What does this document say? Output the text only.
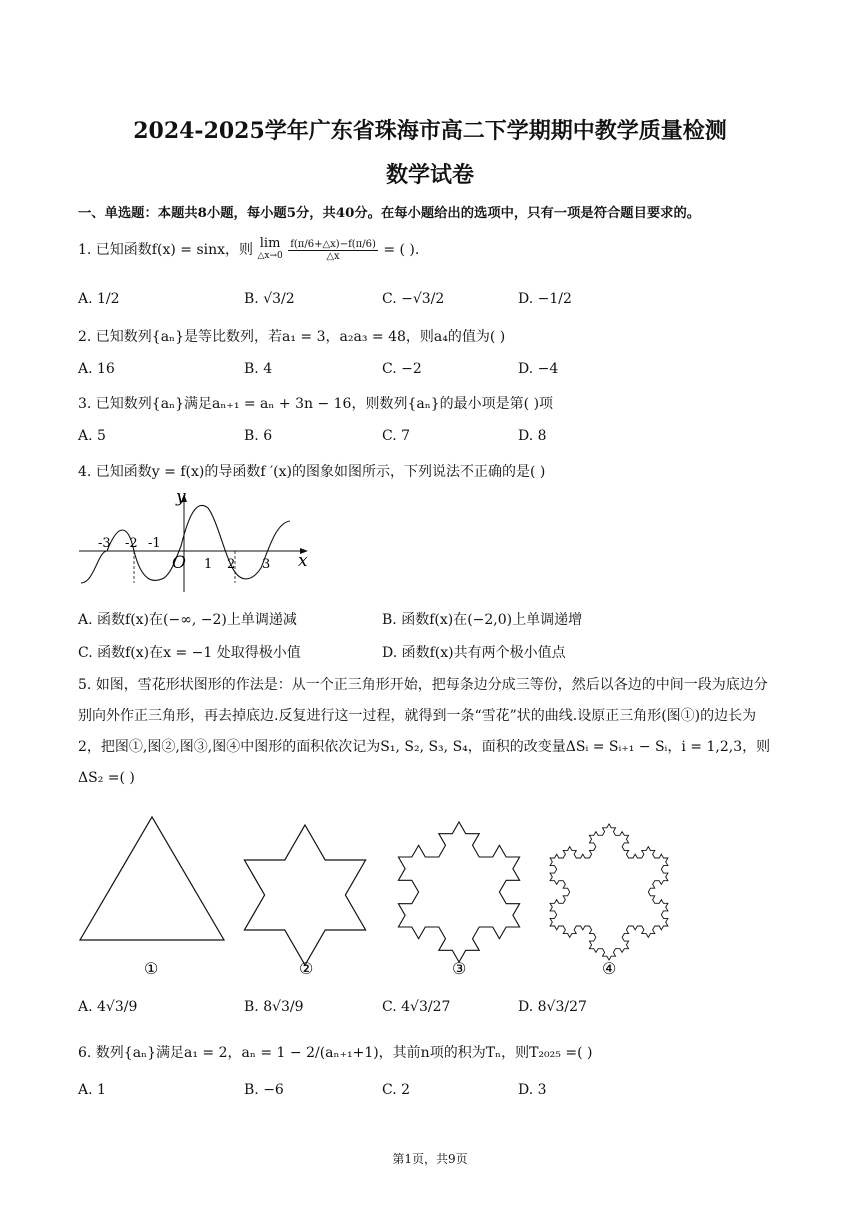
2024-2025学年广东省珠海市高二下学期期中教学质量检测
数学试卷
一、单选题：本题共8小题，每小题5分，共40分。在每小题给出的选项中，只有一项是符合题目要求的。
1. 已知函数f(x) = sinx，则 lim
△x→0
$\frac{f(\pi/6+\triangle x)-f(\pi/6)}{\triangle x}$ = ( ).
A. 1/2	B. √3/2	C. −√3/2	D. −1/2
2. 已知数列{aₙ}是等比数列，若a₁ = 3，a₂a₃ = 48，则a₄的值为( )
A. 16	B. 4	C. −2	D. −4
3. 已知数列{aₙ}满足aₙ₊₁ = aₙ + 3n − 16，则数列{aₙ}的最小项是第( )项
A. 5	B. 6	C. 7	D. 8
4. 已知函数y = f(x)的导函数f ′(x)的图象如图所示，下列说法不正确的是( )
y
x
O
-3 -2 -1
1 2 3
A. 函数f(x)在(−∞, −2)上单调递减	B. 函数f(x)在(−2,0)上单调递增
C. 函数f(x)在x = −1 处取得极小值	D. 函数f(x)共有两个极小值点
5. 如图，雪花形状图形的作法是：从一个正三角形开始，把每条边分成三等份，然后以各边的中间一段为底边分别向外作正三角形，再去掉底边.反复进行这一过程，就得到一条“雪花”状的曲线.设原正三角形(图①)的边长为2，把图①,图②,图③,图④中图形的面积依次记为S₁, S₂, S₃, S₄，面积的改变量ΔSᵢ = Sᵢ₊₁ − Sᵢ，i = 1,2,3，则ΔS₂ =( )
①	②	③	④
A. 4√3/9	B. 8√3/9	C. 4√3/27	D. 8√3/27
6. 数列{aₙ}满足a₁ = 2，aₙ = 1 − 2/(aₙ₊₁+1)，其前n项的积为Tₙ，则T₂₀₂₅ =( )
A. 1	B. −6	C. 2	D. 3
第1页，共9页
